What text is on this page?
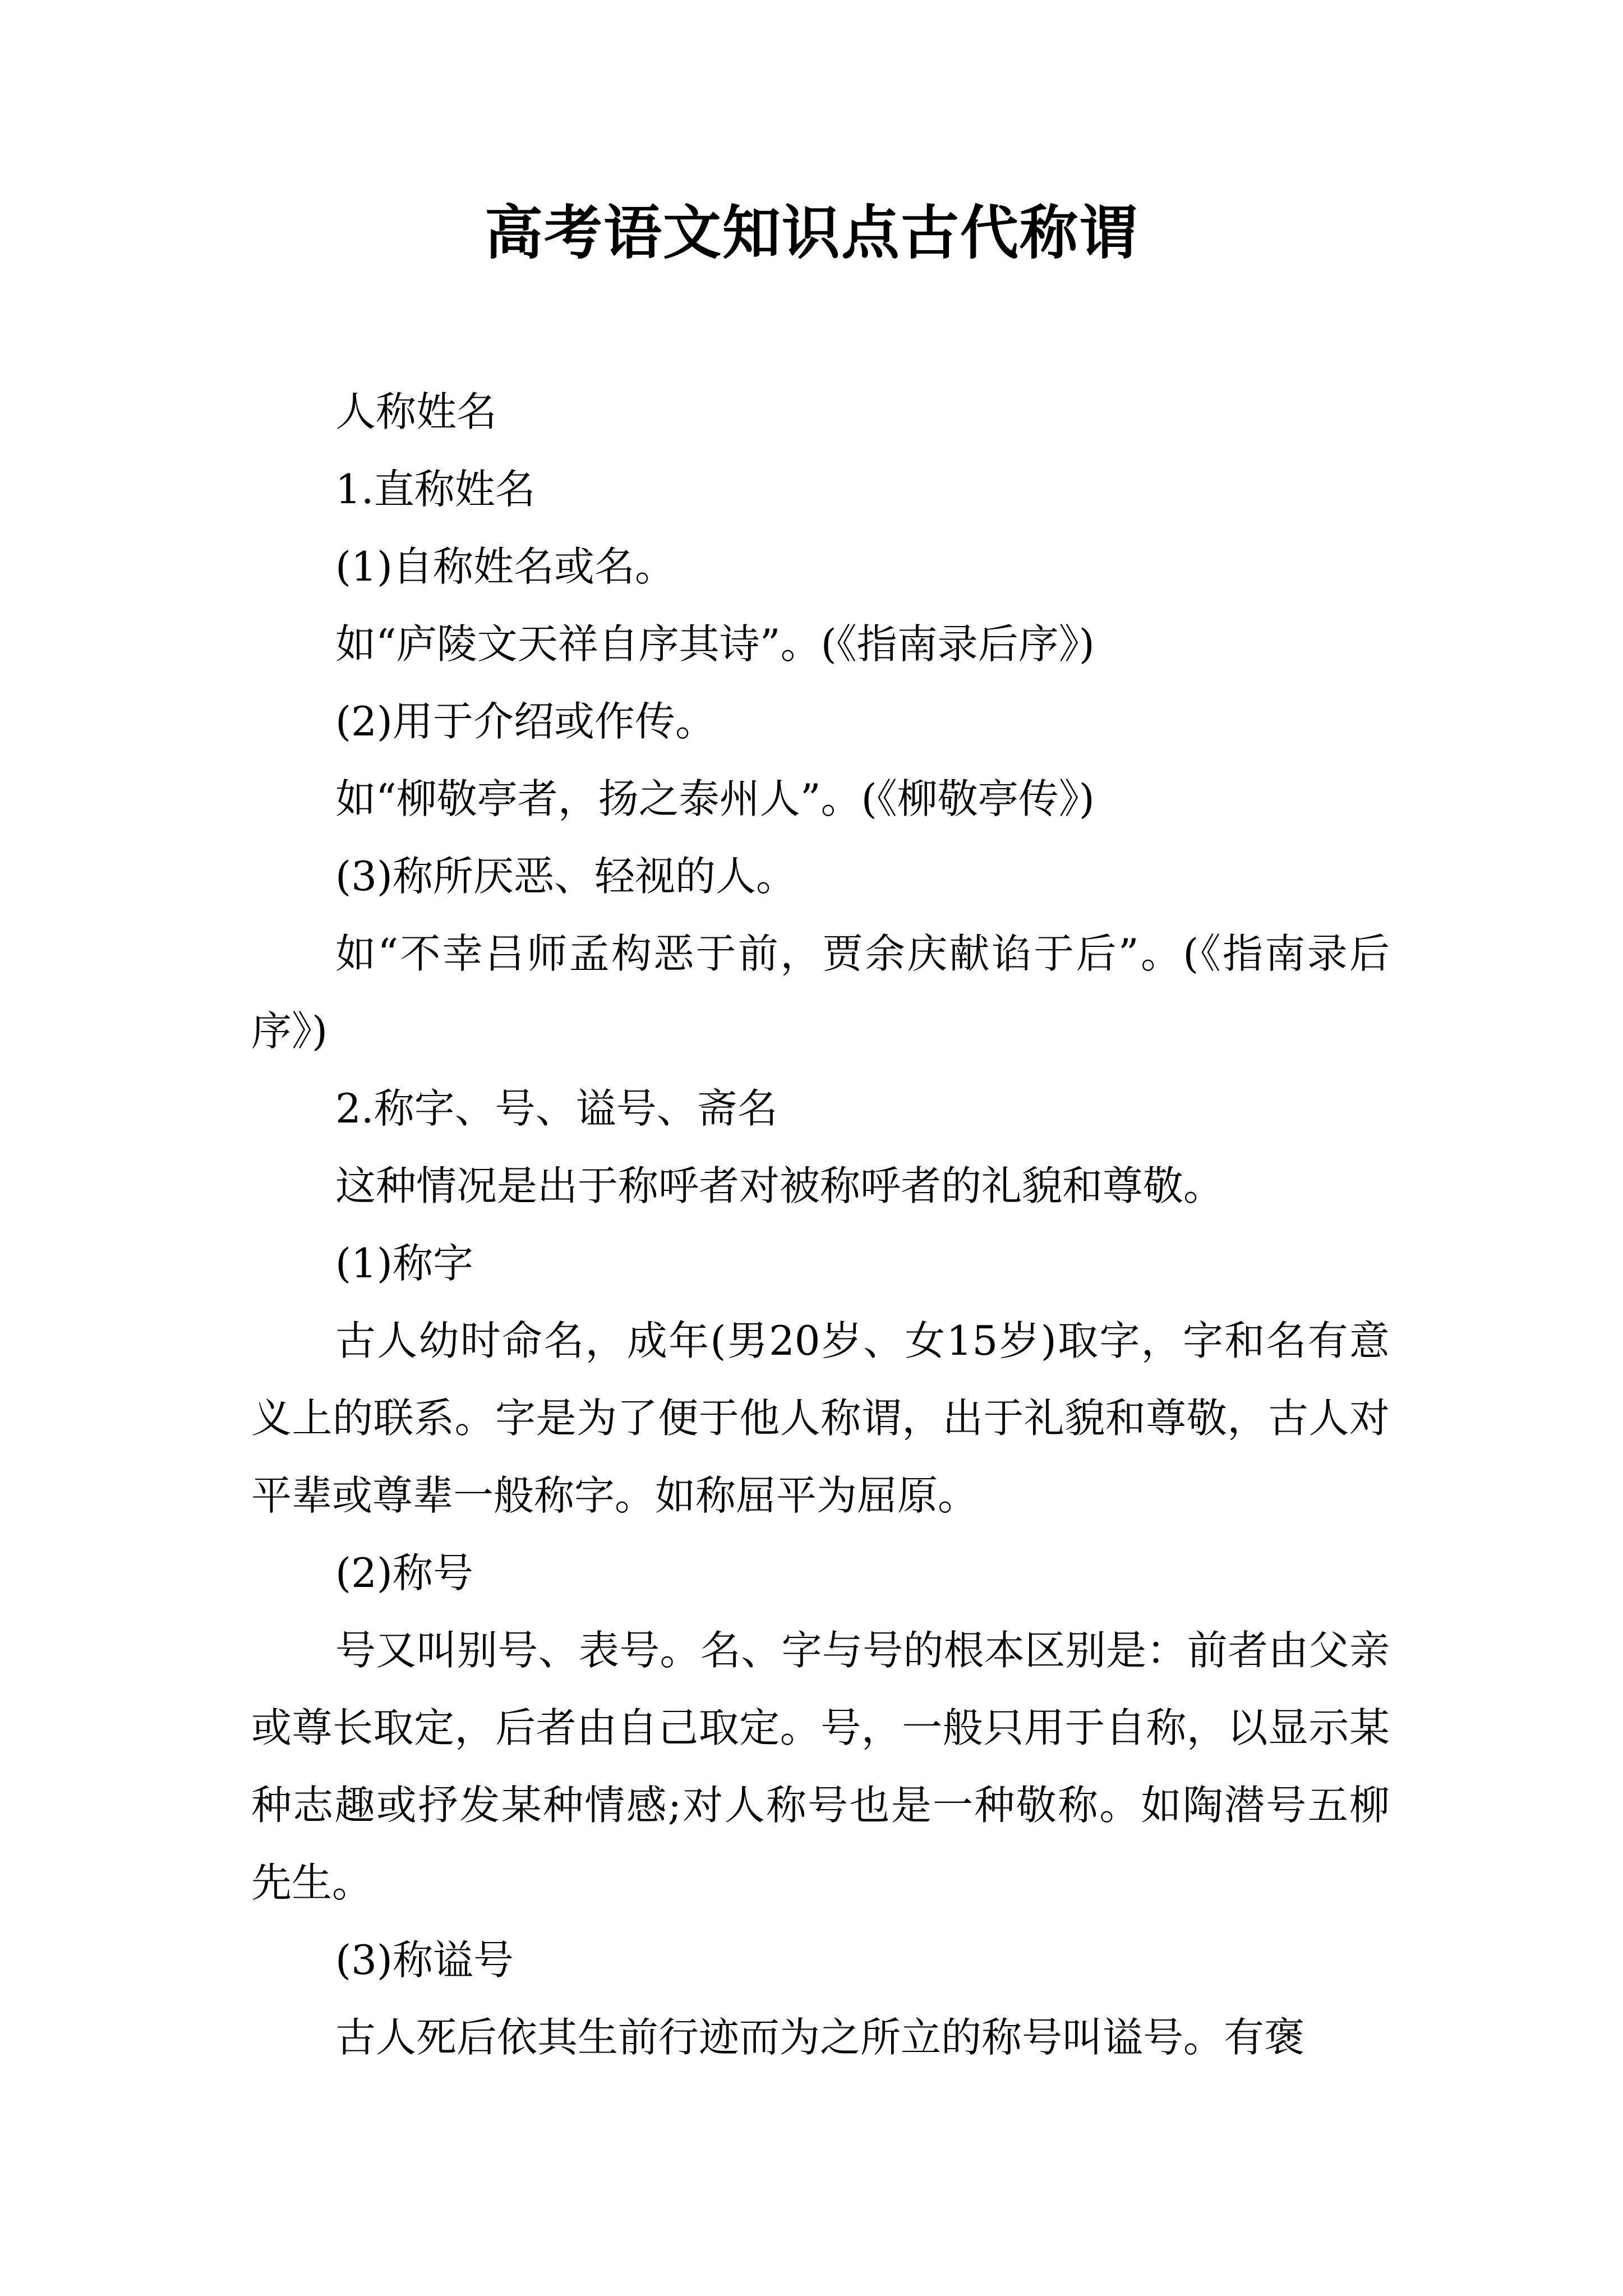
高考语文知识点古代称谓

人称姓名

1.直称姓名

(1)自称姓名或名。

如“庐陵文天祥自序其诗”。(《指南录后序》)

(2)用于介绍或作传。

如“柳敬亭者，扬之泰州人”。(《柳敬亭传》)

(3)称所厌恶、轻视的人。

如“不幸吕师孟构恶于前，贾余庆献谄于后”。(《指南录后序》)

2.称字、号、谥号、斋名

这种情况是出于称呼者对被称呼者的礼貌和尊敬。

(1)称字

古人幼时命名，成年(男20岁、女15岁)取字，字和名有意义上的联系。字是为了便于他人称谓，出于礼貌和尊敬，古人对平辈或尊辈一般称字。如称屈平为屈原。

(2)称号

号又叫别号、表号。名、字与号的根本区别是：前者由父亲或尊长取定，后者由自己取定。号，一般只用于自称，以显示某种志趣或抒发某种情感;对人称号也是一种敬称。如陶潜号五柳先生。

(3)称谥号

古人死后依其生前行迹而为之所立的称号叫谥号。有褒
